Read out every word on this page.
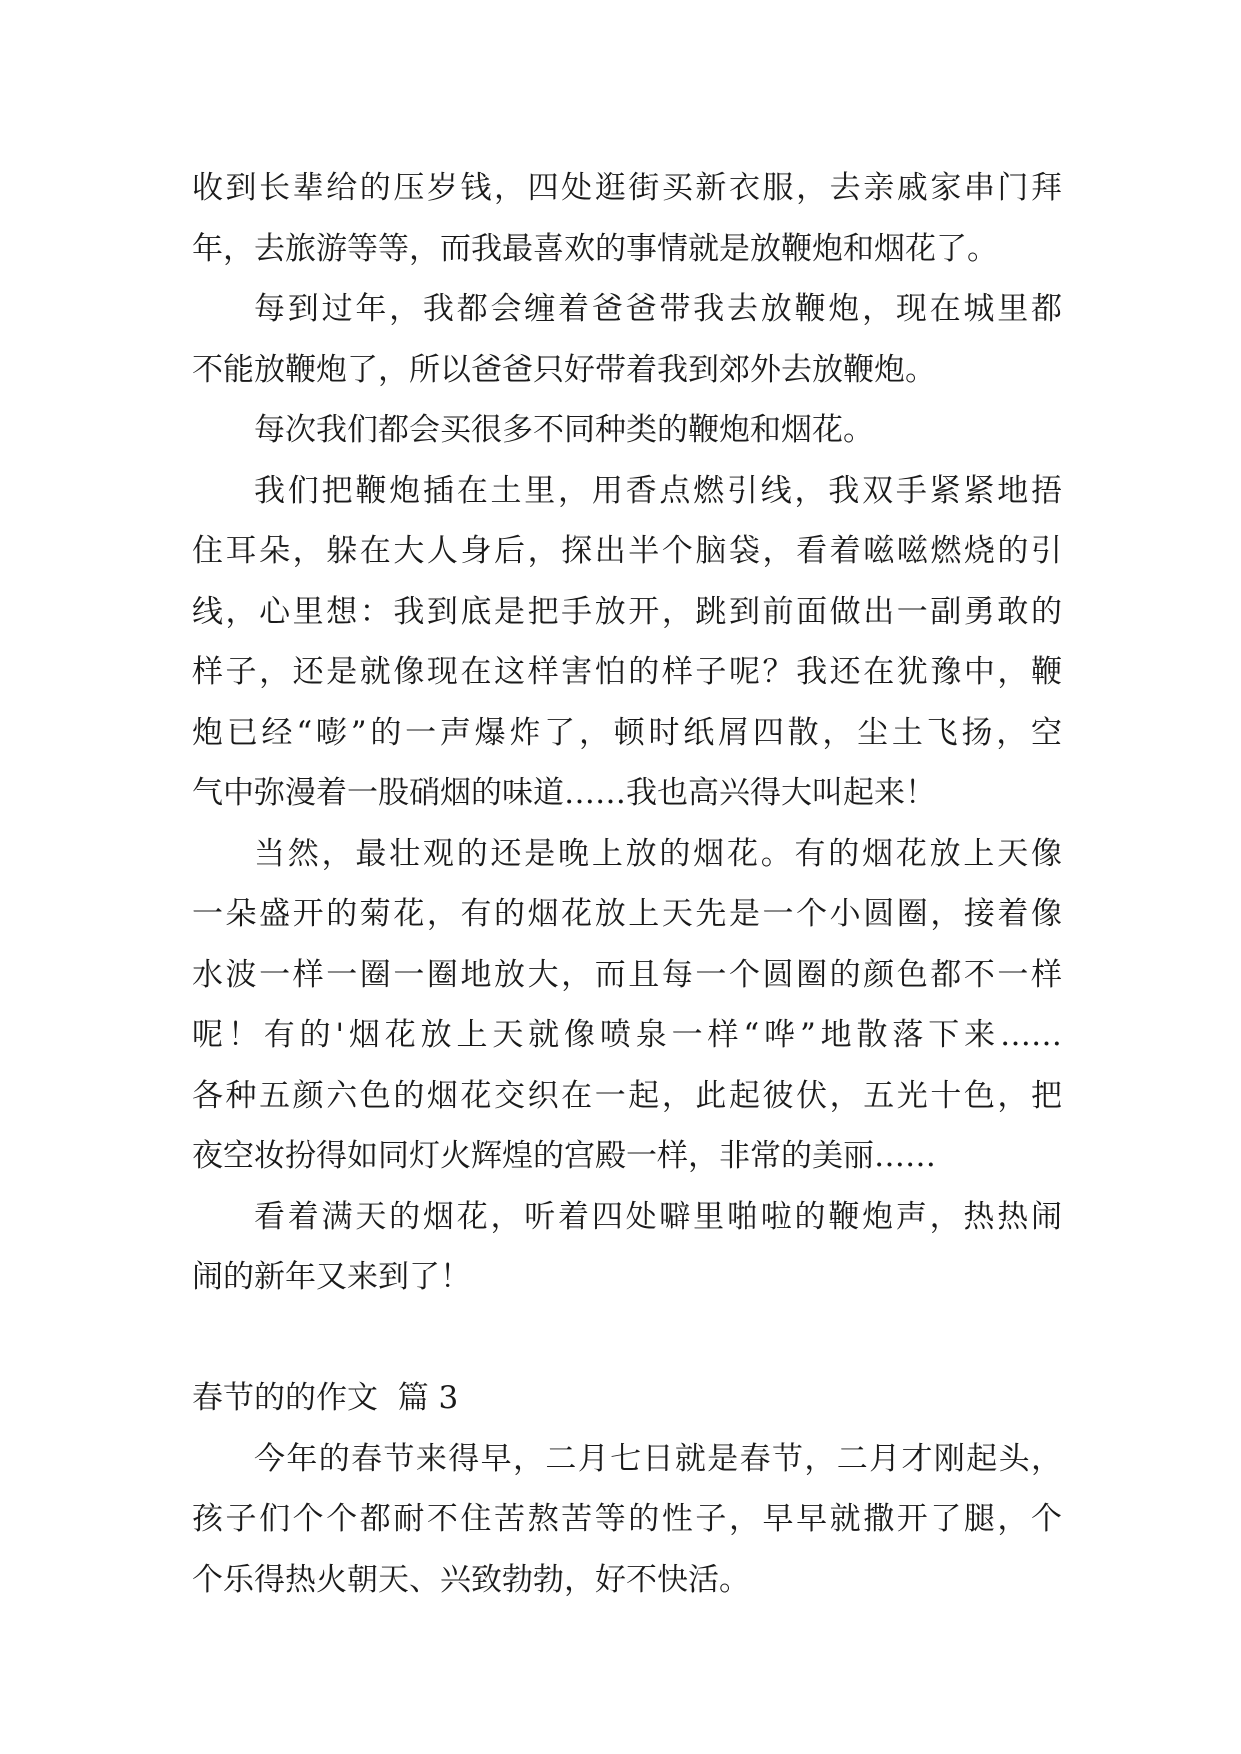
收到长辈给的压岁钱，四处逛街买新衣服，去亲戚家串门拜
年，去旅游等等，而我最喜欢的事情就是放鞭炮和烟花了。
每到过年，我都会缠着爸爸带我去放鞭炮，现在城里都
不能放鞭炮了，所以爸爸只好带着我到郊外去放鞭炮。
每次我们都会买很多不同种类的鞭炮和烟花。
我们把鞭炮插在土里，用香点燃引线，我双手紧紧地捂
住耳朵，躲在大人身后，探出半个脑袋，看着嗞嗞燃烧的引
线，心里想：我到底是把手放开，跳到前面做出一副勇敢的
样子，还是就像现在这样害怕的样子呢？我还在犹豫中，鞭
炮已经“嘭”的一声爆炸了，顿时纸屑四散，尘土飞扬，空
气中弥漫着一股硝烟的味道……我也高兴得大叫起来！
当然，最壮观的还是晚上放的烟花。有的烟花放上天像
一朵盛开的菊花，有的烟花放上天先是一个小圆圈，接着像
水波一样一圈一圈地放大，而且每一个圆圈的颜色都不一样
呢！有的'烟花放上天就像喷泉一样“哗”地散落下来……
各种五颜六色的烟花交织在一起，此起彼伏，五光十色，把
夜空妆扮得如同灯火辉煌的宫殿一样，非常的美丽……
看着满天的烟花，听着四处噼里啪啦的鞭炮声，热热闹
闹的新年又来到了！
春节的的作文  篇 3
今年的春节来得早，二月七日就是春节，二月才刚起头，
孩子们个个都耐不住苦熬苦等的性子，早早就撒开了腿，个
个乐得热火朝天、兴致勃勃，好不快活。
